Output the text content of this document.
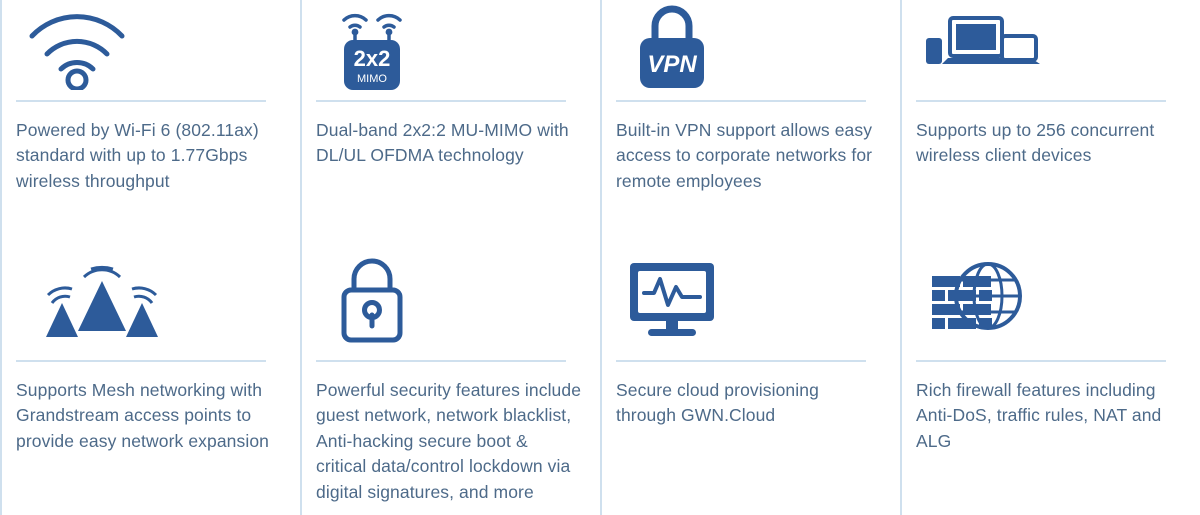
Powered by Wi-Fi 6 (802.11ax) standard with up to 1.77Gbps wireless throughput
2x2
MIMO
Dual-band 2x2:2 MU-MIMO with DL/UL OFDMA technology
VPN
Built-in VPN support allows easy access to corporate networks for remote employees
Supports up to 256 concurrent wireless client devices
Supports Mesh networking with Grandstream access points to provide easy network expansion
Powerful security features include guest network, network blacklist, Anti-hacking secure boot & critical data/control lockdown via digital signatures, and more
Secure cloud provisioning through GWN.Cloud
Rich firewall features including Anti-DoS, traffic rules, NAT and ALG
